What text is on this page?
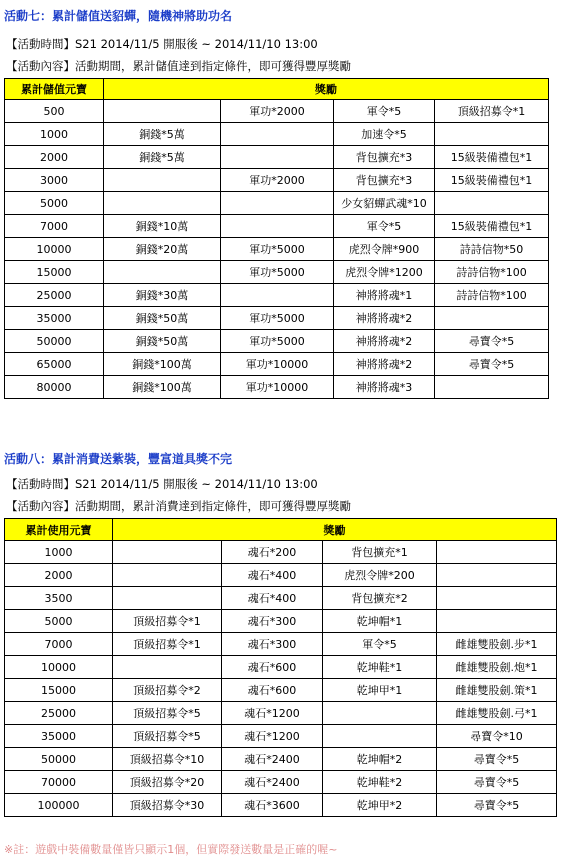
活動七：累計儲值送貂蟬，隨機神將助功名
【活動時間】S21 2014/11/5 開服後 ~ 2014/11/10 13:00
【活動內容】活動期間，累計儲值達到指定條件，即可獲得豐厚獎勵
累計儲值元寶	獎勵			
500		軍功*2000	軍令*5	頂級招募令*1
1000	銅錢*5萬		加速令*5	
2000	銅錢*5萬		背包擴充*3	15級裝備禮包*1
3000		軍功*2000	背包擴充*3	15級裝備禮包*1
5000			少女貂蟬武魂*10	
7000	銅錢*10萬		軍令*5	15級裝備禮包*1
10000	銅錢*20萬	軍功*5000	虎烈令牌*900	詩詩信物*50
15000		軍功*5000	虎烈令牌*1200	詩詩信物*100
25000	銅錢*30萬		神將將魂*1	詩詩信物*100
35000	銅錢*50萬	軍功*5000	神將將魂*2	
50000	銅錢*50萬	軍功*5000	神將將魂*2	尋寶令*5
65000	銅錢*100萬	軍功*10000	神將將魂*2	尋寶令*5
80000	銅錢*100萬	軍功*10000	神將將魂*3	
活動八：累計消費送紫裝，豐富道具獎不完
【活動時間】S21 2014/11/5 開服後 ~ 2014/11/10 13:00
【活動內容】活動期間，累計消費達到指定條件，即可獲得豐厚獎勵
累計使用元寶	獎勵			
1000		魂石*200	背包擴充*1	
2000		魂石*400	虎烈令牌*200	
3500		魂石*400	背包擴充*2	
5000	頂級招募令*1	魂石*300	乾坤帽*1	
7000	頂級招募令*1	魂石*300	軍令*5	雌雄雙股劍.步*1
10000		魂石*600	乾坤鞋*1	雌雄雙股劍.炮*1
15000	頂級招募令*2	魂石*600	乾坤甲*1	雌雄雙股劍.策*1
25000	頂級招募令*5	魂石*1200		雌雄雙股劍.弓*1
35000	頂級招募令*5	魂石*1200		尋寶令*10
50000	頂級招募令*10	魂石*2400	乾坤帽*2	尋寶令*5
70000	頂級招募令*20	魂石*2400	乾坤鞋*2	尋寶令*5
100000	頂級招募令*30	魂石*3600	乾坤甲*2	尋寶令*5
※註：遊戲中裝備數量僅皆只顯示1個，但實際發送數量是正確的喔~
